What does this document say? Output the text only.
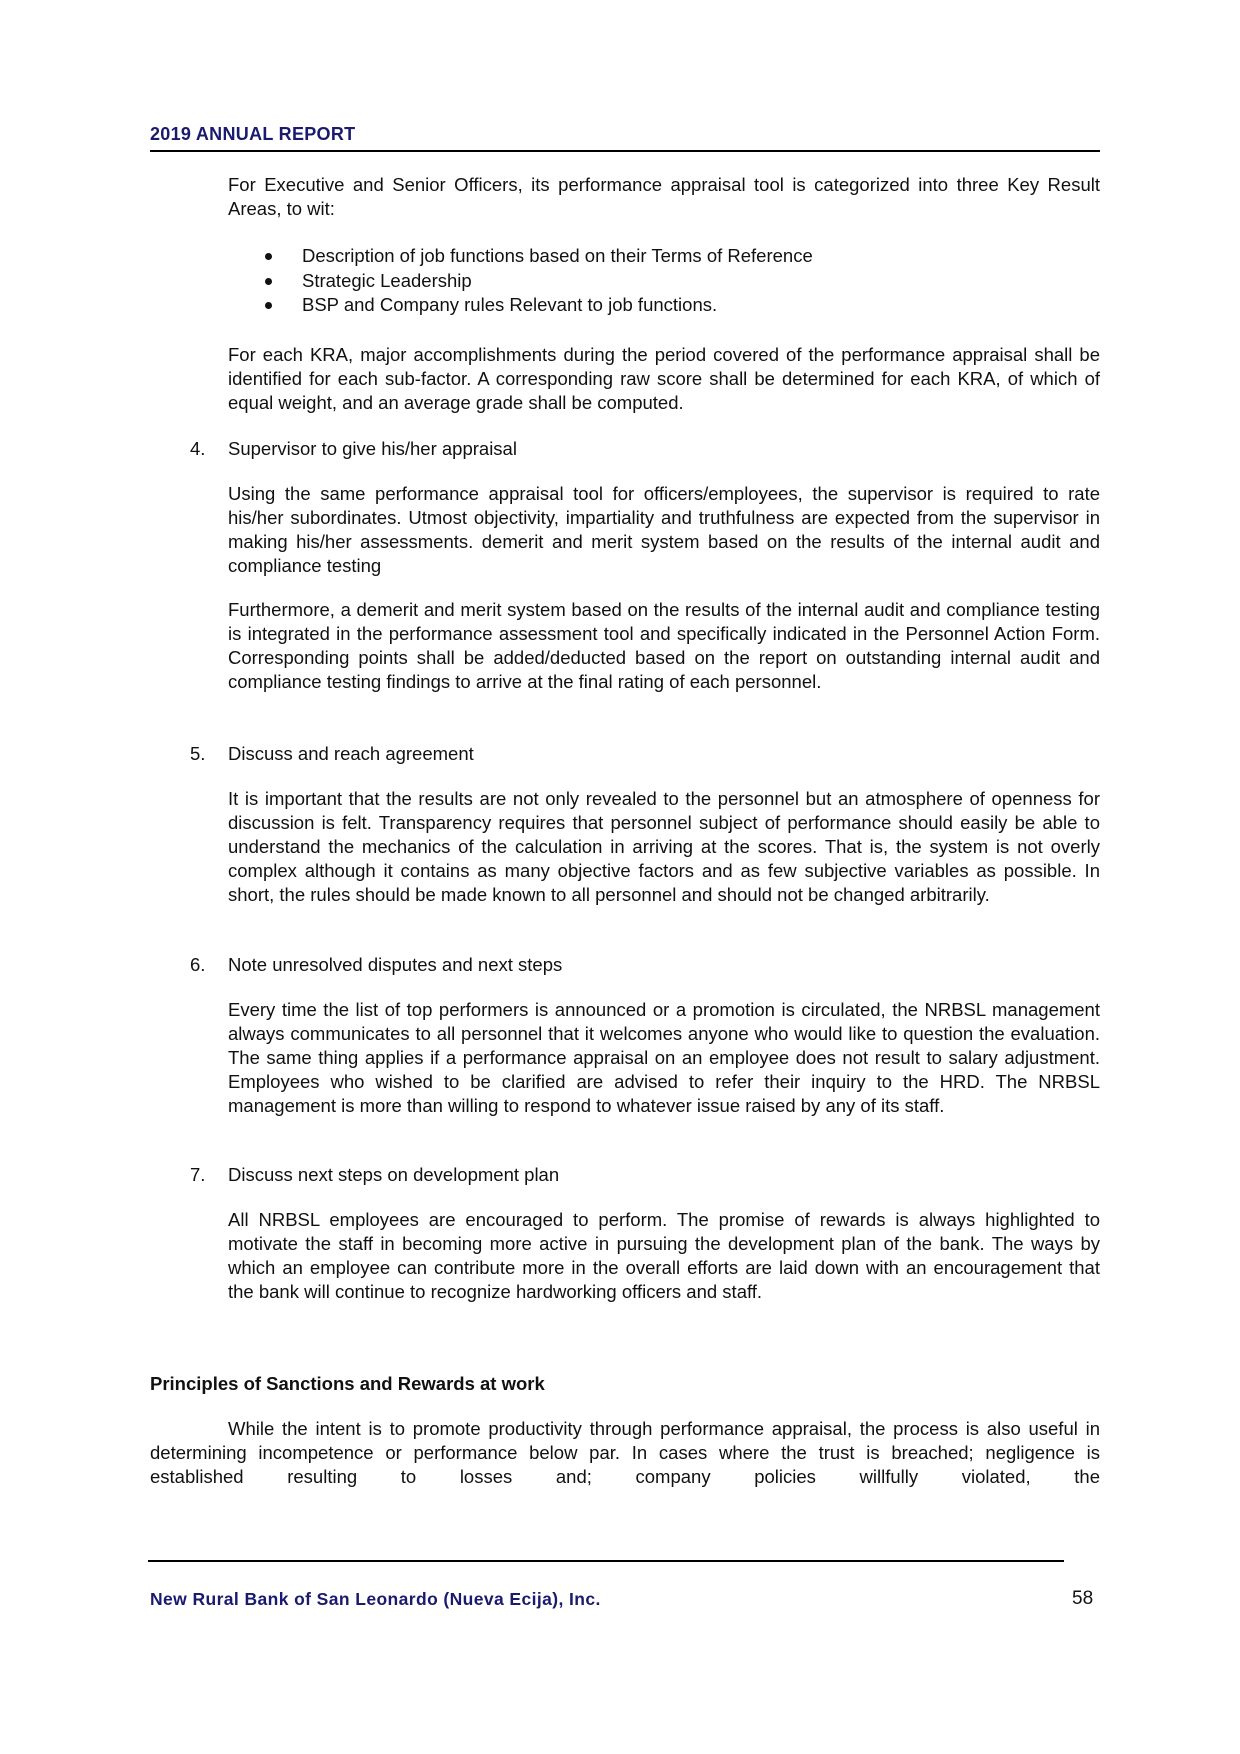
2019 ANNUAL REPORT
For Executive and Senior Officers, its performance appraisal tool is categorized into three Key Result Areas, to wit:
Description of job functions based on their Terms of Reference
Strategic Leadership
BSP and Company rules Relevant to job functions.
For each KRA, major accomplishments during the period covered of the performance appraisal shall be identified for each sub-factor. A corresponding raw score shall be determined for each KRA, of which of equal weight, and an average grade shall be computed.
4. Supervisor to give his/her appraisal
Using the same performance appraisal tool for officers/employees, the supervisor is required to rate his/her subordinates. Utmost objectivity, impartiality and truthfulness are expected from the supervisor in making his/her assessments. demerit and merit system based on the results of the internal audit and compliance testing
Furthermore, a demerit and merit system based on the results of the internal audit and compliance testing is integrated in the performance assessment tool and specifically indicated in the Personnel Action Form. Corresponding points shall be added/deducted based on the report on outstanding internal audit and compliance testing findings to arrive at the final rating of each personnel.
5. Discuss and reach agreement
It is important that the results are not only revealed to the personnel but an atmosphere of openness for discussion is felt. Transparency requires that personnel subject of performance should easily be able to understand the mechanics of the calculation in arriving at the scores. That is, the system is not overly complex although it contains as many objective factors and as few subjective variables as possible. In short, the rules should be made known to all personnel and should not be changed arbitrarily.
6. Note unresolved disputes and next steps
Every time the list of top performers is announced or a promotion is circulated, the NRBSL management always communicates to all personnel that it welcomes anyone who would like to question the evaluation. The same thing applies if a performance appraisal on an employee does not result to salary adjustment. Employees who wished to be clarified are advised to refer their inquiry to the HRD. The NRBSL management is more than willing to respond to whatever issue raised by any of its staff.
7. Discuss next steps on development plan
All NRBSL employees are encouraged to perform. The promise of rewards is always highlighted to motivate the staff in becoming more active in pursuing the development plan of the bank. The ways by which an employee can contribute more in the overall efforts are laid down with an encouragement that the bank will continue to recognize hardworking officers and staff.
Principles of Sanctions and Rewards at work
While the intent is to promote productivity through performance appraisal, the process is also useful in determining incompetence or performance below par. In cases where the trust is breached; negligence is established resulting to losses and; company policies willfully violated, the
New Rural Bank of San Leonardo (Nueva Ecija), Inc.	58
